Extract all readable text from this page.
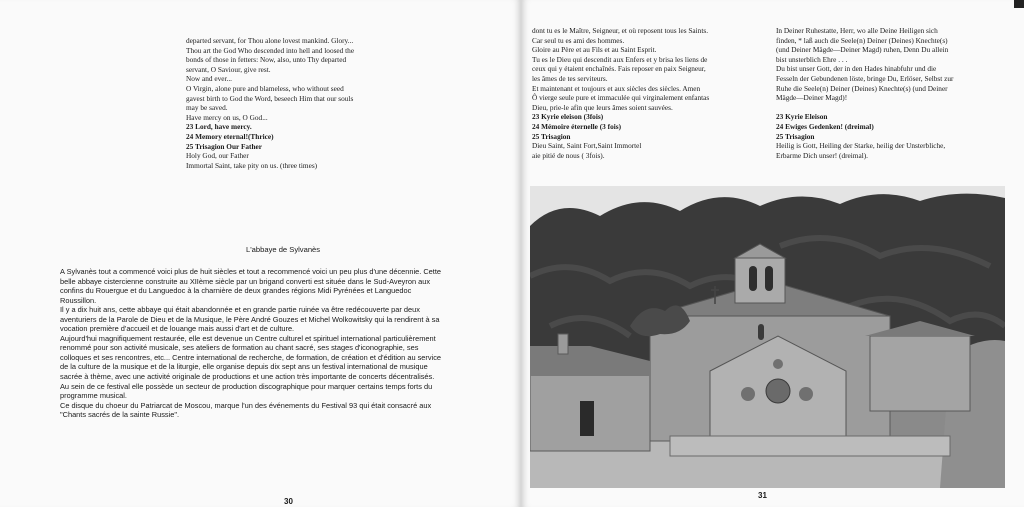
departed servant, for Thou alone lovest mankind. Glory...
Thou art the God Who descended into hell and loosed the
bonds of those in fetters: Now, also, unto Thy departed
servant, O Saviour, give rest.
Now and ever...
O Virgin, alone pure and blameless, who without seed
gavest birth to God the Word, beseech Him that our souls
may be saved.
Have mercy on us, O God...
23 Lord, have mercy.
24 Memory eternal!(Thrice)
25 Trisagion Our Father
Holy God, our Father
Immortal Saint, take pity on us. (three times)
L'abbaye de Sylvanès
A Sylvanès tout a commencé voici plus de huit siècles et tout a recommencé voici un peu plus d'une décennie. Cette
belle abbaye cistercienne construite au XIIème siècle par un brigand converti est située dans le Sud-Aveyron aux
confins du Rouergue et du Languedoc à la charnière de deux grandes régions Midi Pyrénées et Languedoc
Roussillon.
Il y a dix huit ans, cette abbaye qui était abandonnée et en grande partie ruinée va être redécouverte par deux
aventuriers de la Parole de Dieu et de la Musique, le Père André Gouzes et Michel Wolkowitsky qui la rendirent à sa
vocation première d'accueil et de louange mais aussi d'art et de culture.
Aujourd'hui magnifiquement restaurée, elle est devenue un Centre culturel et spirituel international particulièrement
renommé pour son activité musicale, ses ateliers de formation au chant sacré, ses stages d'iconographie, ses
colloques et ses rencontres, etc... Centre international de recherche, de formation, de création et d'édition au service
de la culture de la musique et de la liturgie, elle organise depuis dix sept ans un festival international de musique
sacrée à thème, avec une activité originale de productions et une action très importante de concerts décentralisés.
Au sein de ce festival elle possède un secteur de production discographique pour marquer certains temps forts du
programme musical.
Ce disque du choeur du Patriarcat de Moscou, marque l'un des événements du Festival 93 qui était consacré aux
"Chants sacrés de la sainte Russie".
30
dont tu es le Maître, Seigneur, et où reposent tous les Saints.
Car seul tu es ami des hommes.
Gloire au Père et au Fils et au Saint Esprit.
Tu es le Dieu qui descendit aux Enfers et y brisa les liens de
ceux qui y étaient enchaînés. Fais reposer en paix Seigneur,
les âmes de tes serviteurs.
Et maintenant et toujours et aux siècles des siècles. Amen
Ô vierge seule pure et immaculée qui virginalement enfantas
Dieu, prie-le afin que leurs âmes soient sauvées.
23 Kyrie eleison (3fois)
24 Mémoire éternelle (3 fois)
25 Trisagion
Dieu Saint, Saint Fort,Saint Immortel
aie pitié de nous ( 3fois).
In Deiner Ruhestatte, Herr, wo alle Deine Heiligen sich
finden, * laß auch die Seele(n) Deiner (Deines) Knechte(s)
(und Deiner Mägde—Deiner Magd) ruhen, Denn Du allein
bist unsterblich Ehre . . .
Du bist unser Gott, der in den Hades hinabfuhr und die
Fesseln der Gebundenen löste, bringe Du, Erlöser, Selbst zur
Ruhe die Seele(n) Deiner (Deines) Knechte(s) (und Deiner
Mägde—Deiner Magd)!

23 Kyrie Eleison
24 Ewiges Gedenken! (dreimal)
25 Trisagion
Heilig is Gott, Heiling der Starke, heilig der Unsterbliche,
Erbarme Dich unser! (dreimal).
31
